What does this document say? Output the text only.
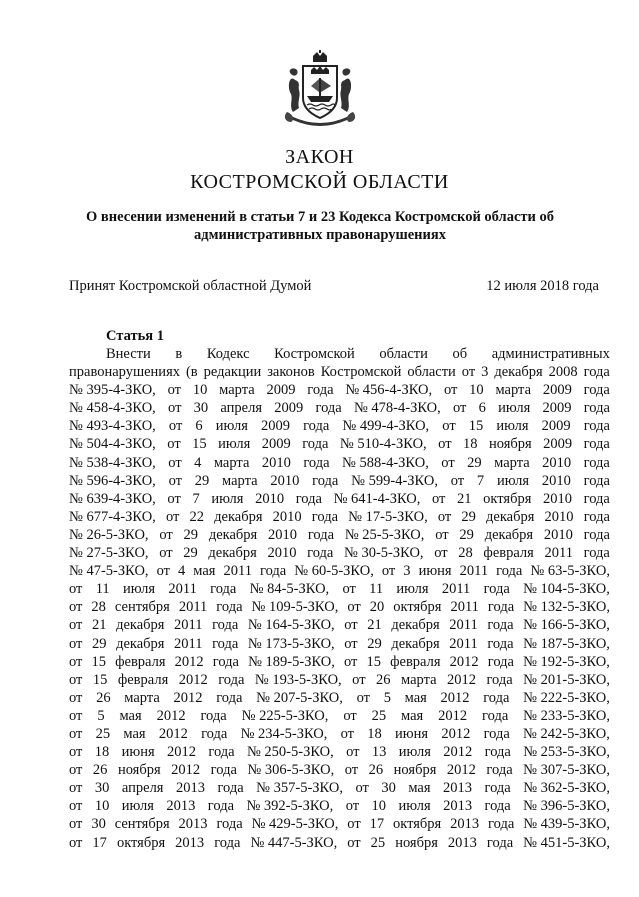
ЗАКОН
КОСТРОМСКОЙ ОБЛАСТИ

О внесении изменений в статьи 7 и 23 Кодекса Костромской области об административных правонарушениях

Принят Костромской областной Думой	12 июля 2018 года
Статья 1
Внести в Кодекс Костромской области об административных
правонарушениях (в редакции законов Костромской области от 3 декабря 2008 года
№ 395-4-ЗКО, от 10 марта 2009 года № 456-4-ЗКО, от 10 марта 2009 года
№ 458-4-ЗКО, от 30 апреля 2009 года № 478-4-ЗКО, от 6 июля 2009 года
№ 493-4-ЗКО, от 6 июля 2009 года № 499-4-ЗКО, от 15 июля 2009 года
№ 504-4-ЗКО, от 15 июля 2009 года № 510-4-ЗКО, от 18 ноября 2009 года
№ 538-4-ЗКО, от 4 марта 2010 года № 588-4-ЗКО, от 29 марта 2010 года
№ 596-4-ЗКО, от 29 марта 2010 года № 599-4-ЗКО, от 7 июля 2010 года
№ 639-4-ЗКО, от 7 июля 2010 года № 641-4-ЗКО, от 21 октября 2010 года
№ 677-4-ЗКО, от 22 декабря 2010 года № 17-5-ЗКО, от 29 декабря 2010 года
№ 26-5-ЗКО, от 29 декабря 2010 года № 25-5-ЗКО, от 29 декабря 2010 года
№ 27-5-ЗКО, от 29 декабря 2010 года № 30-5-ЗКО, от 28 февраля 2011 года
№ 47-5-ЗКО, от 4 мая 2011 года № 60-5-ЗКО, от 3 июня 2011 года № 63-5-ЗКО,
от 11 июля 2011 года № 84-5-ЗКО, от 11 июля 2011 года № 104-5-ЗКО,
от 28 сентября 2011 года № 109-5-ЗКО, от 20 октября 2011 года № 132-5-ЗКО,
от 21 декабря 2011 года № 164-5-ЗКО, от 21 декабря 2011 года № 166-5-ЗКО,
от 29 декабря 2011 года № 173-5-ЗКО, от 29 декабря 2011 года № 187-5-ЗКО,
от 15 февраля 2012 года № 189-5-ЗКО, от 15 февраля 2012 года № 192-5-ЗКО,
от 15 февраля 2012 года № 193-5-ЗКО, от 26 марта 2012 года № 201-5-ЗКО,
от 26 марта 2012 года № 207-5-ЗКО, от 5 мая 2012 года № 222-5-ЗКО,
от 5 мая 2012 года № 225-5-ЗКО, от 25 мая 2012 года № 233-5-ЗКО,
от 25 мая 2012 года № 234-5-ЗКО, от 18 июня 2012 года № 242-5-ЗКО,
от 18 июня 2012 года № 250-5-ЗКО, от 13 июля 2012 года № 253-5-ЗКО,
от 26 ноября 2012 года № 306-5-ЗКО, от 26 ноября 2012 года № 307-5-ЗКО,
от 30 апреля 2013 года № 357-5-ЗКО, от 30 мая 2013 года № 362-5-ЗКО,
от 10 июля 2013 года № 392-5-ЗКО, от 10 июля 2013 года № 396-5-ЗКО,
от 30 сентября 2013 года № 429-5-ЗКО, от 17 октября 2013 года № 439-5-ЗКО,
от 17 октября 2013 года № 447-5-ЗКО, от 25 ноября 2013 года № 451-5-ЗКО,
